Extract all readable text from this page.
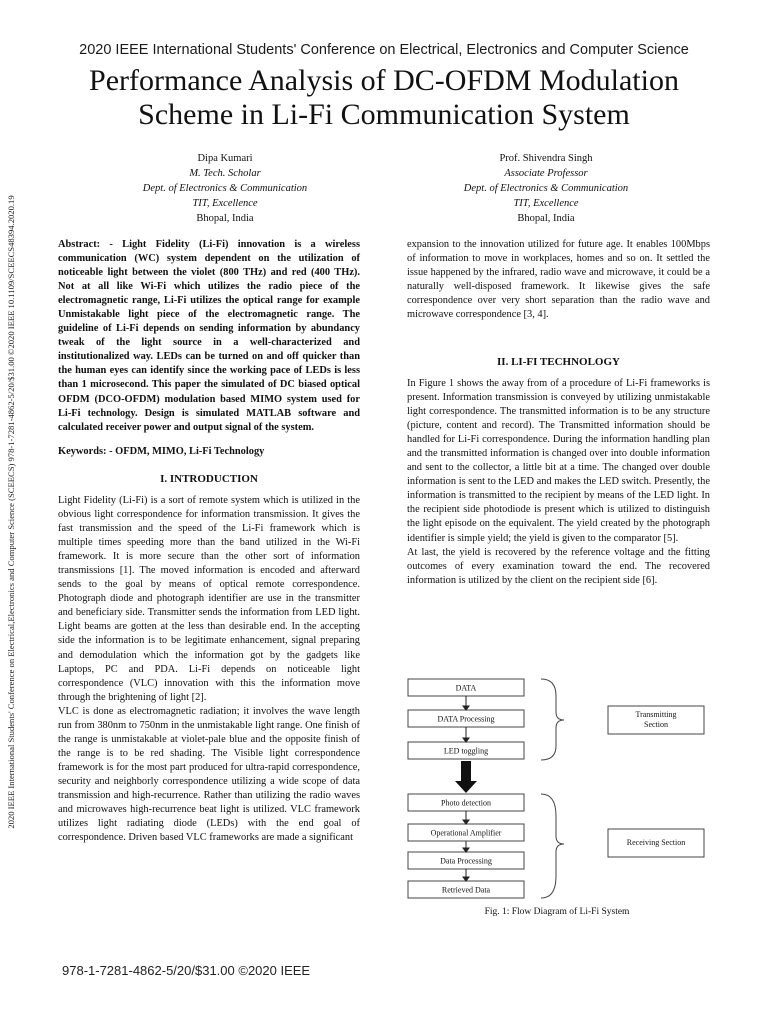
2020 IEEE International Students' Conference on Electrical, Electronics and Computer Science
Performance Analysis of DC-OFDM Modulation
Scheme in Li-Fi Communication System
2020 IEEE International Students' Conference on Electrical,Electronics and Computer Science (SCEECS) 978-1-7281-4862-5/20/$31.00 ©2020 IEEE 10.1109/SCEECS48394.2020.19
Dipa Kumari
M. Tech. Scholar
Dept. of Electronics & Communication
TIT, Excellence
Bhopal, India
Prof. Shivendra Singh
Associate Professor
Dept. of Electronics & Communication
TIT, Excellence
Bhopal, India
Abstract: - Light Fidelity (Li-Fi) innovation is a wireless communication (WC) system dependent on the utilization of noticeable light between the violet (800 THz) and red (400 THz). Not at all like Wi-Fi which utilizes the radio piece of the electromagnetic range, Li-Fi utilizes the optical range for example Unmistakable light piece of the electromagnetic range. The guideline of Li-Fi depends on sending information by abundancy tweak of the light source in a well-characterized and institutionalized way. LEDs can be turned on and off quicker than the human eyes can identify since the working pace of LEDs is less than 1 microsecond. This paper the simulated of DC biased optical OFDM (DCO-OFDM) modulation based MIMO system used for Li-Fi technology. Design is simulated MATLAB software and calculated receiver power and output signal of the system.
Keywords: - OFDM, MIMO, Li-Fi Technology
I. INTRODUCTION

Light Fidelity (Li-Fi) is a sort of remote system which is utilized in the obvious light correspondence for information transmission. It gives the fast transmission and the speed of the Li-Fi framework which is multiple times speeding more than the band utilized in the Wi-Fi framework. It is more secure than the other sort of information transmissions [1]. The moved information is encoded and afterward sends to the goal by means of optical remote correspondence. Photograph diode and photograph identifier are use in the transmitter and beneficiary side. Transmitter sends the information from LED light. Light beams are gotten at the less than desirable end. In the accepting side the information is to be legitimate enhancement, signal preparing and demodulation which the information got by the gadgets like Laptops, PC and PDA. Li-Fi depends on noticeable light correspondence (VLC) innovation with this the information move through the brightening of light [2].

VLC is done as electromagnetic radiation; it involves the wave length run from 380nm to 750nm in the unmistakable light range. One finish of the range is unmistakable at violet-pale blue and the opposite finish of the range is to be red shading. The Visible light correspondence framework is for the most part produced for ultra-rapid correspondence, security and neighborly correspondence utilizing a wide scope of data transmission and high-recurrence. Rather than utilizing the radio waves and microwaves high-recurrence beat light is utilized. VLC framework utilizes light radiating diode (LEDs) with the end goal of correspondence. Driven based VLC frameworks are made a significant

expansion to the innovation utilized for future age. It enables 100Mbps of information to move in workplaces, homes and so on. It settled the issue happened by the infrared, radio wave and microwave, it could be a naturally well-disposed framework. It likewise gives the safe correspondence over very short separation than the radio wave and microwave correspondence [3, 4].
II. LI-FI TECHNOLOGY

In Figure 1 shows the away from of a procedure of Li-Fi frameworks is present. Information transmission is conveyed by utilizing unmistakable light correspondence. The transmitted information is to be any structure (picture, content and record). The Transmitted information should be handled for Li-Fi correspondence. During the information handling plan and the transmitted information is changed over into double information and sent to the collector, a little bit at a time. The changed over double information is sent to the LED and makes the LED switch. Presently, the information is transmitted to the recipient by means of the LED light. In the recipient side photodiode is present which is utilized to distinguish the light episode on the equivalent. The yield created by the photograph identifier is simple yield; the yield is given to the comparator [5].

At last, the yield is recovered by the reference voltage and the fitting outcomes of every examination toward the end. The recovered information is utilized by the client on the recipient side [6].

DATA
DATA Processing
LED toggling
Photo detection
Operational Amplifier
Data Processing
Retrieved Data
Transmitting
Section
Receiving Section
Fig. 1: Flow Diagram of Li-Fi System
978-1-7281-4862-5/20/$31.00 ©2020 IEEE
